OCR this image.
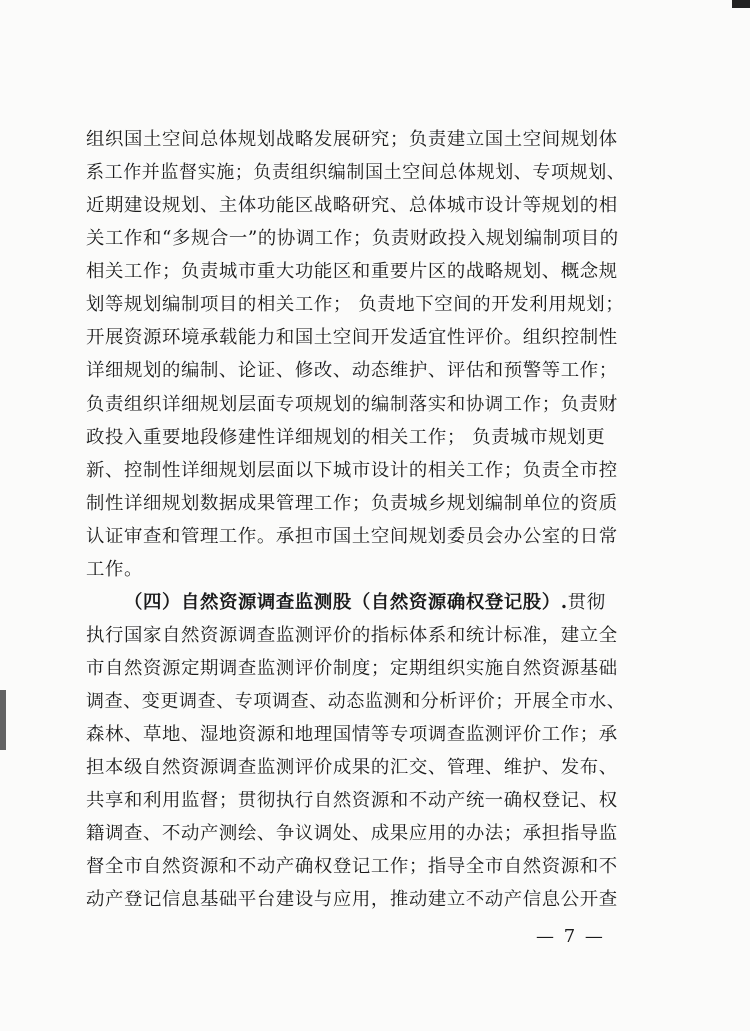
组织国土空间总体规划战略发展研究；负责建立国土空间规划体
系工作并监督实施；负责组织编制国土空间总体规划、专项规划、
近期建设规划、主体功能区战略研究、总体城市设计等规划的相
关工作和“多规合一”的协调工作；负责财政投入规划编制项目的
相关工作；负责城市重大功能区和重要片区的战略规划、概念规
划等规划编制项目的相关工作； 负责地下空间的开发利用规划；
开展资源环境承载能力和国土空间开发适宜性评价。组织控制性
详细规划的编制、论证、修改、动态维护、评估和预警等工作；
负责组织详细规划层面专项规划的编制落实和协调工作；负责财
政投入重要地段修建性详细规划的相关工作； 负责城市规划更
新、控制性详细规划层面以下城市设计的相关工作；负责全市控
制性详细规划数据成果管理工作；负责城乡规划编制单位的资质
认证审查和管理工作。承担市国土空间规划委员会办公室的日常
工作。
（四）自然资源调查监测股（自然资源确权登记股）.贯彻
执行国家自然资源调查监测评价的指标体系和统计标准，建立全
市自然资源定期调查监测评价制度；定期组织实施自然资源基础
调查、变更调查、专项调查、动态监测和分析评价；开展全市水、
森林、草地、湿地资源和地理国情等专项调查监测评价工作；承
担本级自然资源调查监测评价成果的汇交、管理、维护、发布、
共享和利用监督；贯彻执行自然资源和不动产统一确权登记、权
籍调查、不动产测绘、争议调处、成果应用的办法；承担指导监
督全市自然资源和不动产确权登记工作；指导全市自然资源和不
动产登记信息基础平台建设与应用，推动建立不动产信息公开查
— 7 —
